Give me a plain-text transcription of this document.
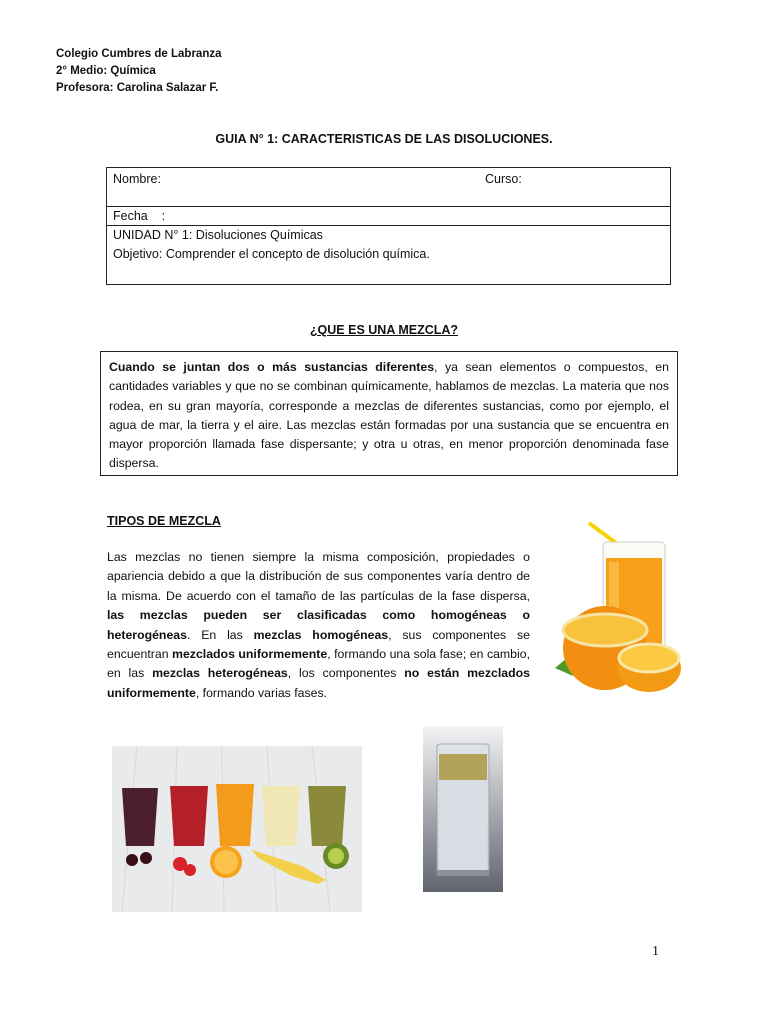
Colegio Cumbres de Labranza
2° Medio: Química
Profesora: Carolina Salazar F.
GUIA N° 1: CARACTERISTICAS DE LAS DISOLUCIONES.
Nombre:	Curso:
Fecha    :
UNIDAD N° 1: Disoluciones Químicas
Objetivo: Comprender el concepto de disolución química.
¿QUE ES UNA MEZCLA?

Cuando se juntan dos o más sustancias diferentes, ya sean elementos o compuestos, en cantidades variables y que no se combinan químicamente, hablamos de mezclas. La materia que nos rodea, en su gran mayoría, corresponde a mezclas de diferentes sustancias, como por ejemplo, el agua de mar, la tierra y el aire. Las mezclas están formadas por una sustancia que se encuentra en mayor proporción llamada fase dispersante; y otra u otras, en menor proporción denominada fase dispersa.

TIPOS DE MEZCLA

Las mezclas no tienen siempre la misma composición, propiedades o apariencia debido a que la distribución de sus componentes varía dentro de la misma. De acuerdo con el tamaño de las partículas de la fase dispersa, las mezclas pueden ser clasificadas como homogéneas o heterogéneas. En las mezclas homogéneas, sus componentes se encuentran mezclados uniformemente, formando una sola fase; en cambio, en las mezclas heterogéneas, los componentes no están mezclados uniformemente, formando varias fases.

1
